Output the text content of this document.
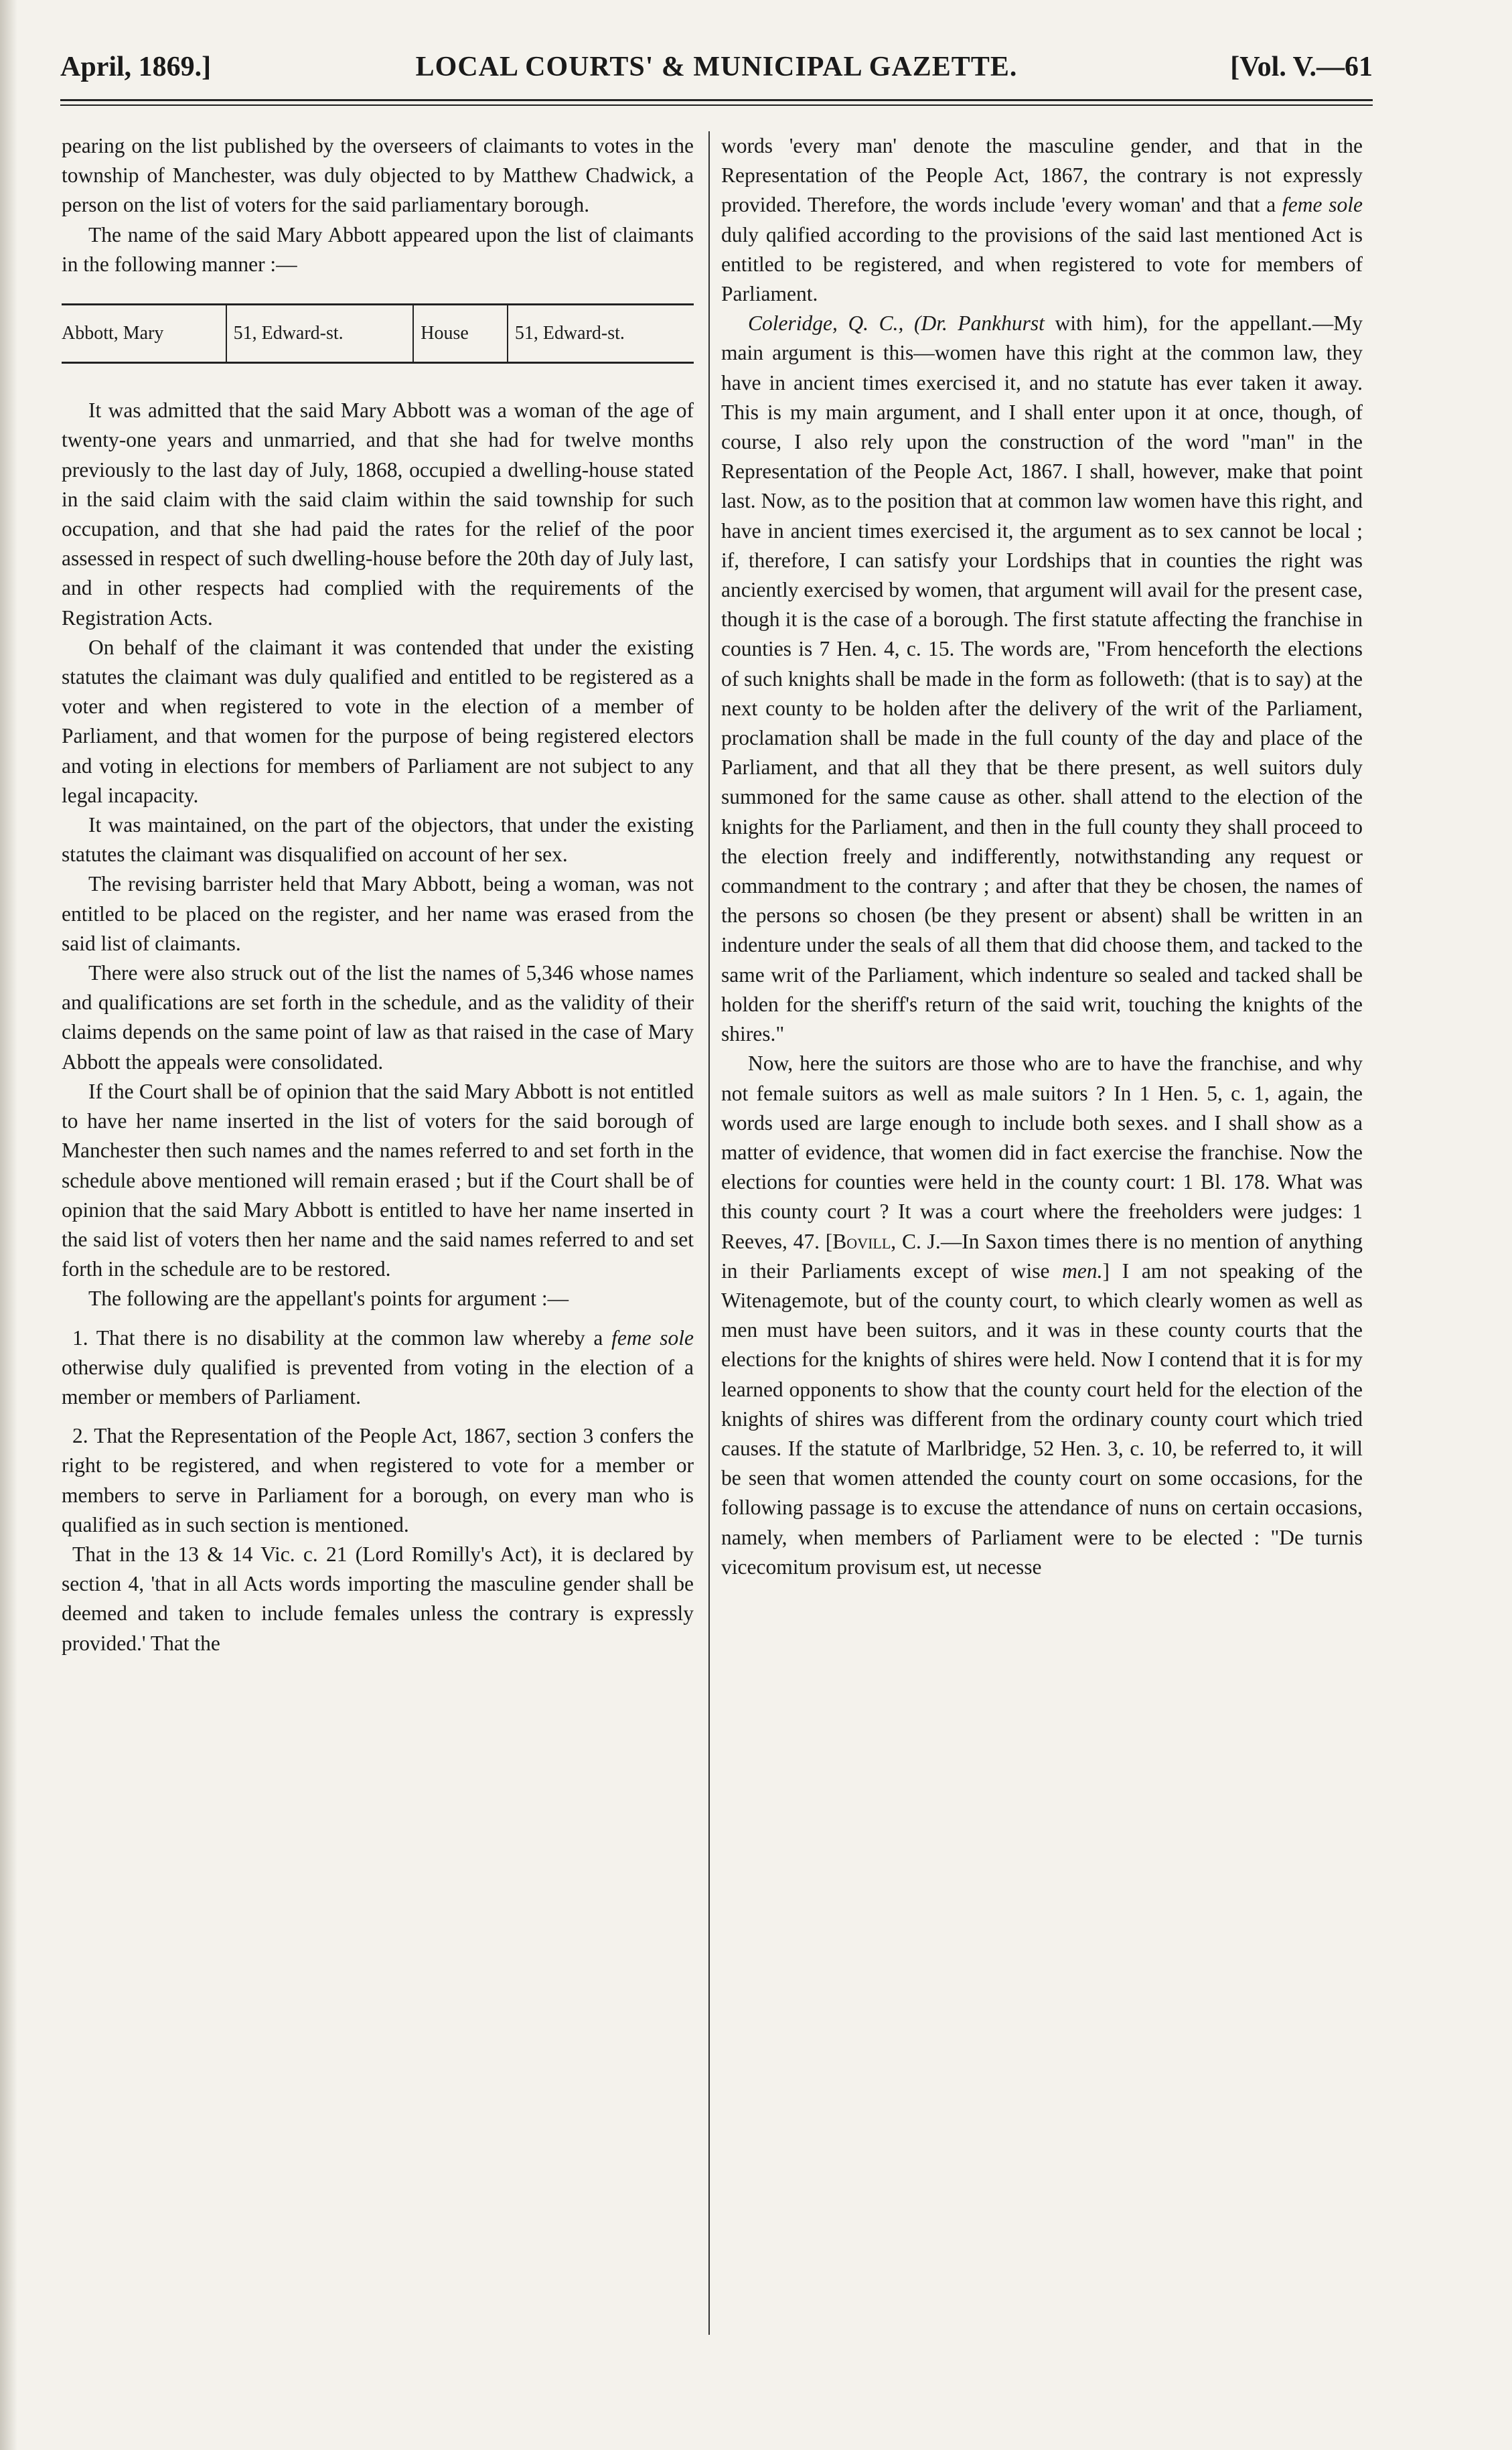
April, 1869.]	LOCAL COURTS' & MUNICIPAL GAZETTE.	[Vol. V.—61

pearing on the list published by the overseers of claimants to votes in the township of Manchester, was duly objected to by Matthew Chadwick, a person on the list of voters for the said parliamentary borough.

The name of the said Mary Abbott appeared upon the list of claimants in the following manner :—

Abbott, Mary	51, Edward-st.	House	51, Edward-st.

It was admitted that the said Mary Abbott was a woman of the age of twenty-one years and unmarried, and that she had for twelve months previously to the last day of July, 1868, occupied a dwelling-house stated in the said claim with the said claim within the said township for such occupation, and that she had paid the rates for the relief of the poor assessed in respect of such dwelling-house before the 20th day of July last, and in other respects had complied with the requirements of the Registration Acts.

On behalf of the claimant it was contended that under the existing statutes the claimant was duly qualified and entitled to be registered as a voter and when registered to vote in the election of a member of Parliament, and that women for the purpose of being registered electors and voting in elections for members of Parliament are not subject to any legal incapacity.

It was maintained, on the part of the objectors, that under the existing statutes the claimant was disqualified on account of her sex.

The revising barrister held that Mary Abbott, being a woman, was not entitled to be placed on the register, and her name was erased from the said list of claimants.

There were also struck out of the list the names of 5,346 whose names and qualifications are set forth in the schedule, and as the validity of their claims depends on the same point of law as that raised in the case of Mary Abbott the appeals were consolidated.

If the Court shall be of opinion that the said Mary Abbott is not entitled to have her name inserted in the list of voters for the said borough of Manchester then such names and the names referred to and set forth in the schedule above mentioned will remain erased ; but if the Court shall be of opinion that the said Mary Abbott is entitled to have her name inserted in the said list of voters then her name and the said names referred to and set forth in the schedule are to be restored.

The following are the appellant's points for argument :—

1. That there is no disability at the common law whereby a feme sole otherwise duly qualified is prevented from voting in the election of a member or members of Parliament.

2. That the Representation of the People Act, 1867, section 3 confers the right to be registered, and when registered to vote for a member or members to serve in Parliament for a borough, on every man who is qualified as in such section is mentioned.

That in the 13 & 14 Vic. c. 21 (Lord Romilly's Act), it is declared by section 4, 'that in all Acts words importing the masculine gender shall be deemed and taken to include females unless the contrary is expressly provided.' That the

words 'every man' denote the masculine gender, and that in the Representation of the People Act, 1867, the contrary is not expressly provided. Therefore, the words include 'every woman' and that a feme sole duly qalified according to the provisions of the said last mentioned Act is entitled to be registered, and when registered to vote for members of Parliament.

Coleridge, Q. C., (Dr. Pankhurst with him), for the appellant.—My main argument is this—women have this right at the common law, they have in ancient times exercised it, and no statute has ever taken it away. This is my main argument, and I shall enter upon it at once, though, of course, I also rely upon the construction of the word "man" in the Representation of the People Act, 1867. I shall, however, make that point last. Now, as to the position that at common law women have this right, and have in ancient times exercised it, the argument as to sex cannot be local ; if, therefore, I can satisfy your Lordships that in counties the right was anciently exercised by women, that argument will avail for the present case, though it is the case of a borough. The first statute affecting the franchise in counties is 7 Hen. 4, c. 15. The words are, "From henceforth the elections of such knights shall be made in the form as followeth: (that is to say) at the next county to be holden after the delivery of the writ of the Parliament, proclamation shall be made in the full county of the day and place of the Parliament, and that all they that be there present, as well suitors duly summoned for the same cause as other. shall attend to the election of the knights for the Parliament, and then in the full county they shall proceed to the election freely and indifferently, notwithstanding any request or commandment to the contrary ; and after that they be chosen, the names of the persons so chosen (be they present or absent) shall be written in an indenture under the seals of all them that did choose them, and tacked to the same writ of the Parliament, which indenture so sealed and tacked shall be holden for the sheriff's return of the said writ, touching the knights of the shires."

Now, here the suitors are those who are to have the franchise, and why not female suitors as well as male suitors ? In 1 Hen. 5, c. 1, again, the words used are large enough to include both sexes. and I shall show as a matter of evidence, that women did in fact exercise the franchise. Now the elections for counties were held in the county court: 1 Bl. 178. What was this county court ? It was a court where the freeholders were judges: 1 Reeves, 47. [Bovill, C. J.—In Saxon times there is no mention of anything in their Parliaments except of wise men.] I am not speaking of the Witenagemote, but of the county court, to which clearly women as well as men must have been suitors, and it was in these county courts that the elections for the knights of shires were held. Now I contend that it is for my learned opponents to show that the county court held for the election of the knights of shires was different from the ordinary county court which tried causes. If the statute of Marlbridge, 52 Hen. 3, c. 10, be referred to, it will be seen that women attended the county court on some occasions, for the following passage is to excuse the attendance of nuns on certain occasions, namely, when members of Parliament were to be elected : "De turnis vicecomitum provisum est, ut necesse
